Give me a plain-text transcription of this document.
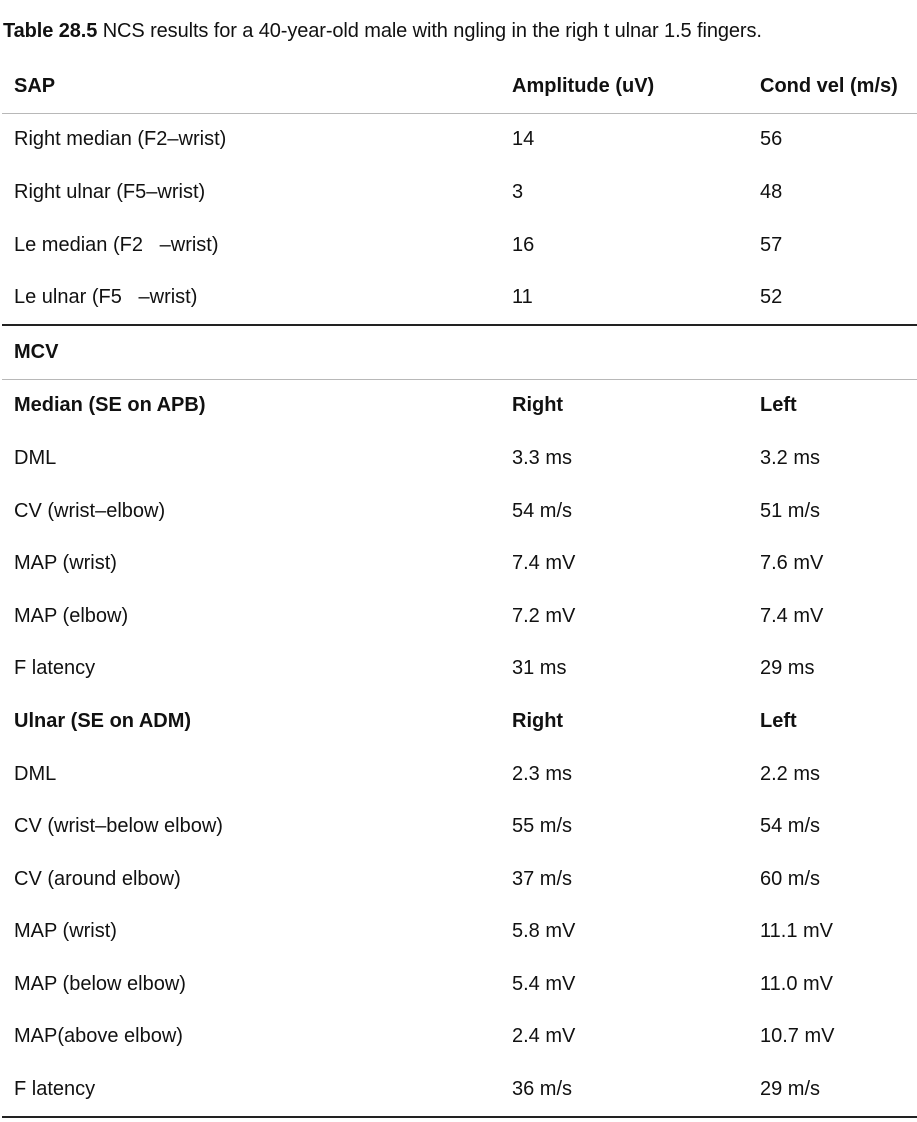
Table 28.5 NCS results for a 40-year-old male with ngling in the righ t ulnar 1.5 fingers.
SAP	Amplitude (uV)	Cond vel (m/s)
Right median (F2–wrist)	14	56
Right ulnar (F5–wrist)	3	48
Le median (F2   –wrist)	16	57
Le ulnar (F5   –wrist)	11	52
MCV
Median (SE on APB)	Right	Left
DML	3.3 ms	3.2 ms
CV (wrist–elbow)	54 m/s	51 m/s
MAP (wrist)	7.4 mV	7.6 mV
MAP (elbow)	7.2 mV	7.4 mV
F latency	31 ms	29 ms
Ulnar (SE on ADM)	Right	Left
DML	2.3 ms	2.2 ms
CV (wrist–below elbow)	55 m/s	54 m/s
CV (around elbow)	37 m/s	60 m/s
MAP (wrist)	5.8 mV	11.1 mV
MAP (below elbow)	5.4 mV	11.0 mV
MAP(above elbow)	2.4 mV	10.7 mV
F latency	36 m/s	29 m/s
